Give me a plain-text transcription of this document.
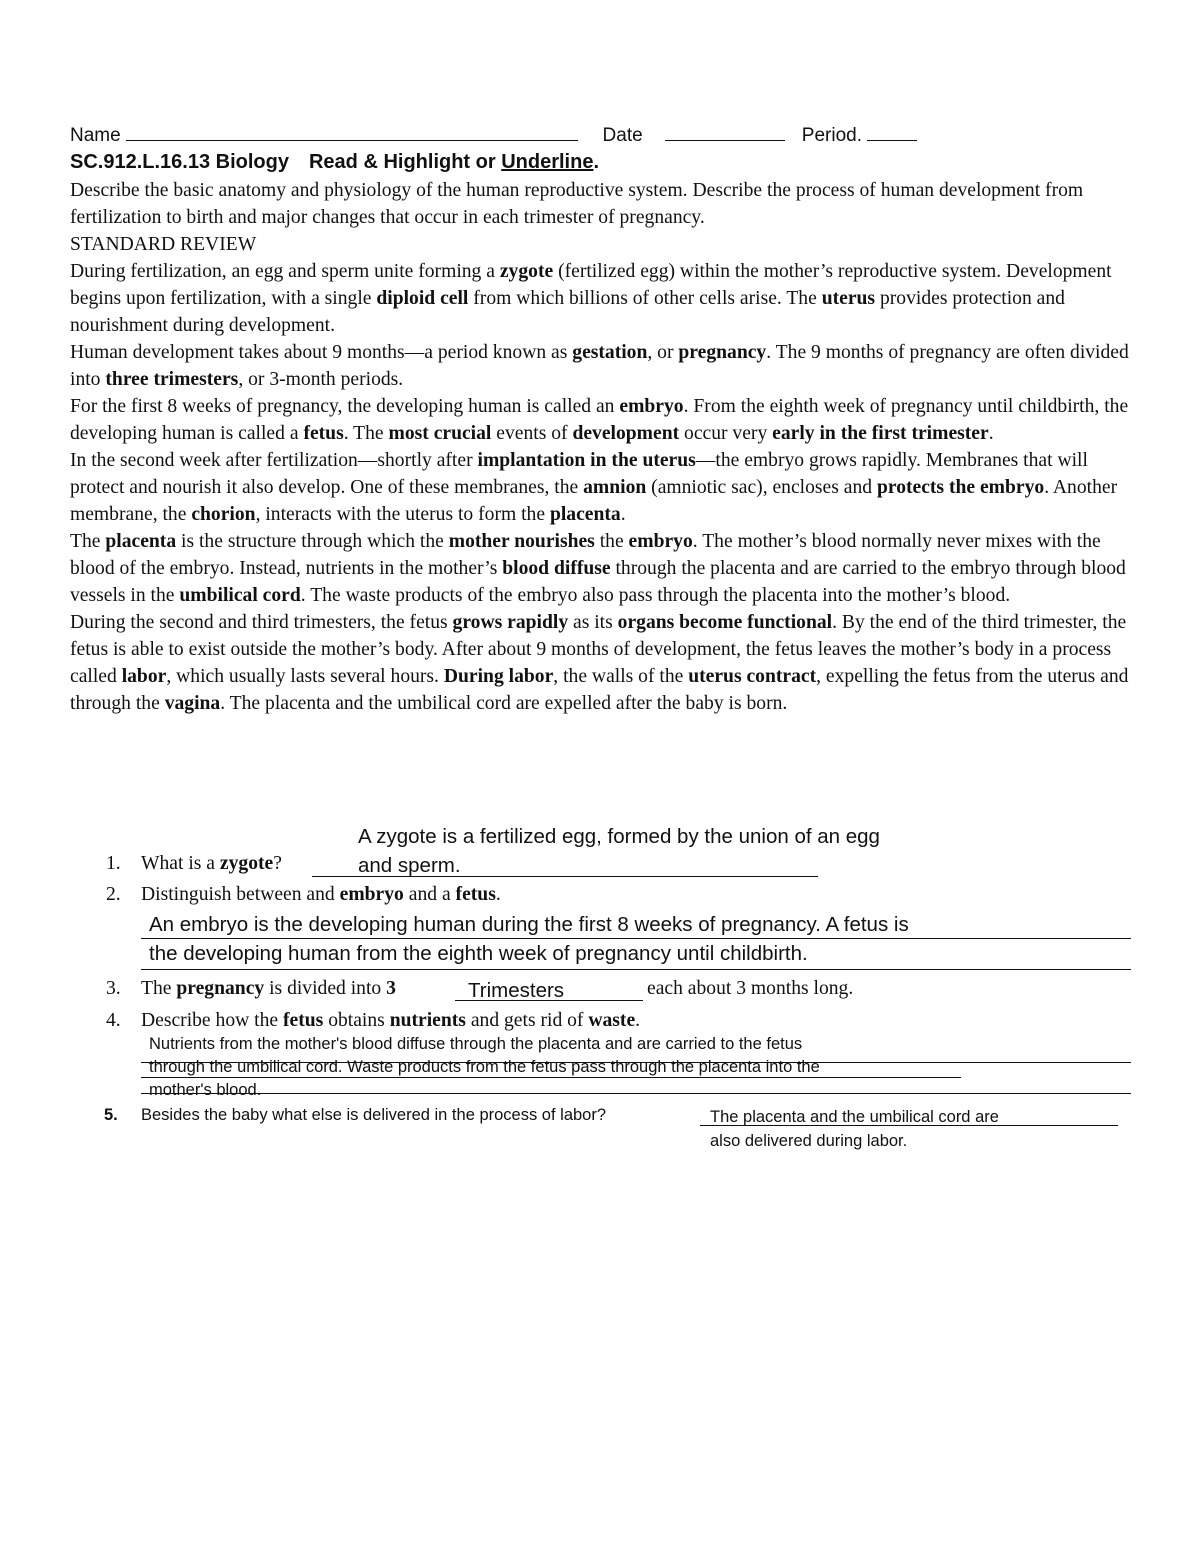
Name	Date	Period.
SC.912.L.16.13 Biology Read & Highlight or Underline.

Describe the basic anatomy and physiology of the human reproductive system. Describe the process of human development from fertilization to birth and major changes that occur in each trimester of pregnancy.

STANDARD REVIEW

During fertilization, an egg and sperm unite forming a zygote (fertilized egg) within the mother’s reproductive system. Development begins upon fertilization, with a single diploid cell from which billions of other cells arise. The uterus provides protection and nourishment during development.

Human development takes about 9 months—a period known as gestation, or pregnancy. The 9 months of pregnancy are often divided into three trimesters, or 3-month periods.

For the first 8 weeks of pregnancy, the developing human is called an embryo. From the eighth week of pregnancy until childbirth, the developing human is called a fetus. The most crucial events of development occur very early in the first trimester.

In the second week after fertilization—shortly after implantation in the uterus—the embryo grows rapidly. Membranes that will protect and nourish it also develop. One of these membranes, the amnion (amniotic sac), encloses and protects the embryo. Another membrane, the chorion, interacts with the uterus to form the placenta.

The placenta is the structure through which the mother nourishes the embryo. The mother’s blood normally never mixes with the blood of the embryo. Instead, nutrients in the mother’s blood diffuse through the placenta and are carried to the embryo through blood vessels in the umbilical cord. The waste products of the embryo also pass through the placenta into the mother’s blood.

During the second and third trimesters, the fetus grows rapidly as its organs become functional. By the end of the third trimester, the fetus is able to exist outside the mother’s body. After about 9 months of development, the fetus leaves the mother’s body in a process called labor, which usually lasts several hours. During labor, the walls of the uterus contract, expelling the fetus from the uterus and through the vagina. The placenta and the umbilical cord are expelled after the baby is born.

A zygote is a fertilized egg, formed by the union of an egg
1. What is a zygote?	and sperm.
2. Distinguish between and embryo and a fetus.
An embryo is the developing human during the first 8 weeks of pregnancy. A fetus is
the developing human from the eighth week of pregnancy until childbirth.
3. The pregnancy is divided into 3	Trimesters	each about 3 months long.
4. Describe how the fetus obtains nutrients and gets rid of waste.
Nutrients from the mother's blood diffuse through the placenta and are carried to the fetus
through the umbilical cord. Waste products from the fetus pass through the placenta into the
mother's blood.
5. Besides the baby what else is delivered in the process of labor?	The placenta and the umbilical cord are
also delivered during labor.
